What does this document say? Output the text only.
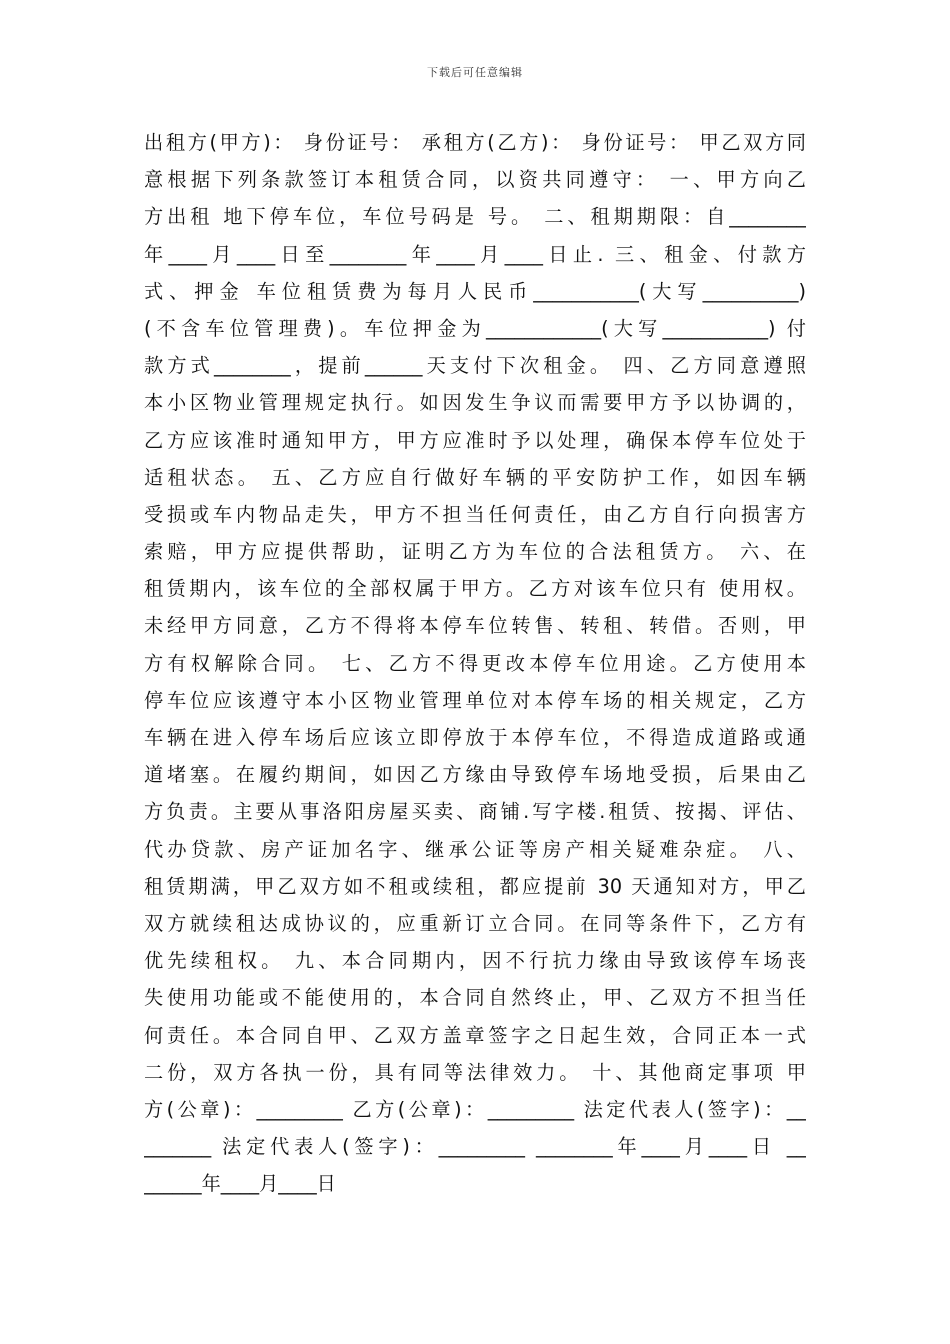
下载后可任意编辑
出租方(甲方)： 身份证号： 承租方(乙方)： 身份证号： 甲乙双方同
意根据下列条款签订本租赁合同，以资共同遵守： 一、甲方向乙
方出租 地下停车位，车位号码是 号。 二、租期期限：自________
年____月____日至________年____月____日止. 三、租金、付款方
式、押金 车位租赁费为每月人民币___________(大写__________)
(不含车位管理费)。车位押金为____________(大写___________) 付
款方式________，提前______天支付下次租金。 四、乙方同意遵照
本小区物业管理规定执行。如因发生争议而需要甲方予以协调的，
乙方应该准时通知甲方，甲方应准时予以处理，确保本停车位处于
适租状态。 五、乙方应自行做好车辆的平安防护工作，如因车辆
受损或车内物品走失，甲方不担当任何责任，由乙方自行向损害方
索赔，甲方应提供帮助，证明乙方为车位的合法租赁方。 六、在
租赁期内，该车位的全部权属于甲方。乙方对该车位只有 使用权。
未经甲方同意，乙方不得将本停车位转售、转租、转借。否则，甲
方有权解除合同。 七、乙方不得更改本停车位用途。乙方使用本
停车位应该遵守本小区物业管理单位对本停车场的相关规定，乙方
车辆在进入停车场后应该立即停放于本停车位，不得造成道路或通
道堵塞。在履约期间，如因乙方缘由导致停车场地受损，后果由乙
方负责。主要从事洛阳房屋买卖、商铺.写字楼.租赁、按揭、评估、
代办贷款、房产证加名字、继承公证等房产相关疑难杂症。 八、
租赁期满，甲乙双方如不租或续租，都应提前 30 天通知对方，甲乙
双方就续租达成协议的，应重新订立合同。在同等条件下，乙方有
优先续租权。 九、本合同期内，因不行抗力缘由导致该停车场丧
失使用功能或不能使用的，本合同自然终止，甲、乙双方不担当任
何责任。本合同自甲、乙双方盖章签字之日起生效，合同正本一式
二份，双方各执一份，具有同等法律效力。 十、其他商定事项 甲
方(公章)：_________ 乙方(公章)：_________ 法定代表人(签字)：__
_______ 法定代表人(签字)：_________ ________年____月____日 __
______年____月____日
